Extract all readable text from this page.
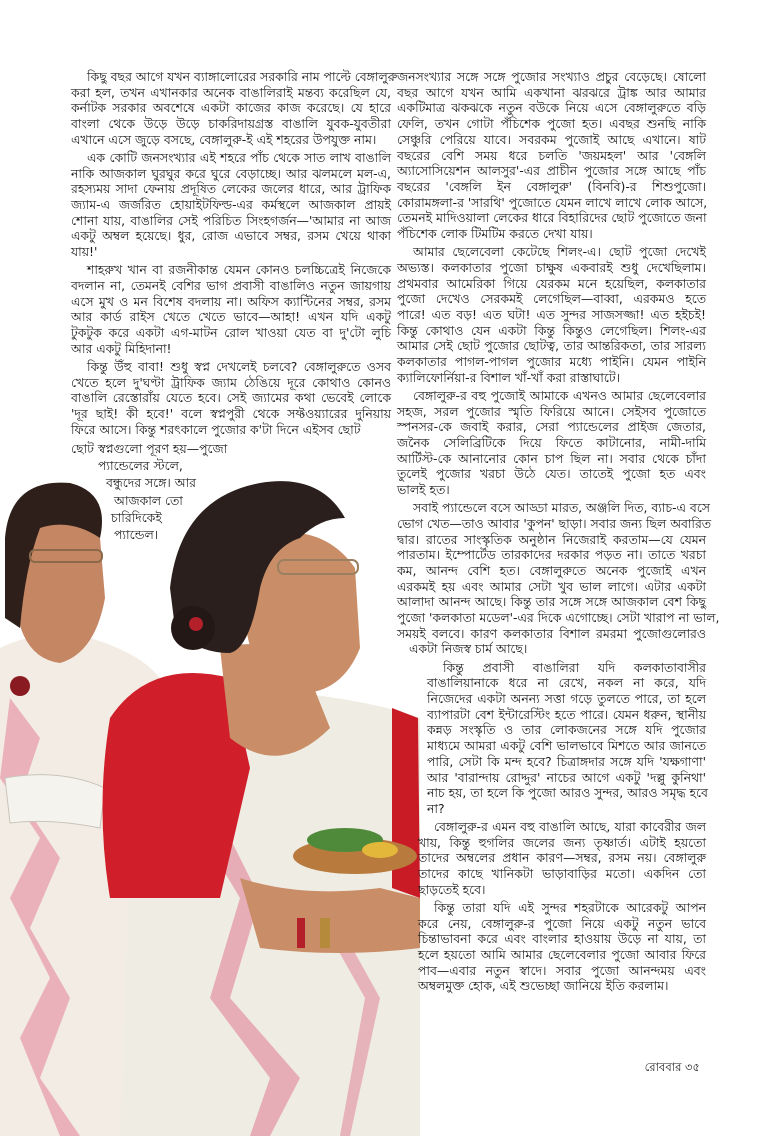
কিছু বছর আগে যখন ব্যাঙ্গালোরের সরকারি নাম পাল্টে বেঙ্গালুরু
করা হল, তখন এখানকার অনেক বাঙালিরাই মন্তব্য করেছিল যে,
কর্নাটক সরকার অবশেষে একটা কাজের কাজ করেছে। যে হারে
বাংলা থেকে উড়ে উড়ে চাকরিদায়গ্রস্ত বাঙালি যুবক-যুবতীরা
এখানে এসে জুড়ে বসছে, বেঙ্গালুরু-ই এই শহরের উপযুক্ত নাম।
এক কোটি জনসংখ্যার এই শহরে পাঁচ থেকে সাত লাখ বাঙালি
নাকি আজকাল ঘুরঘুর করে ঘুরে বেড়াচ্ছে। আর ঝলমলে মল-এ,
রহস্যময় সাদা ফেনায় প্রদূষিত লেকের জলের ধারে, আর ট্রাফিক
জ্যাম-এ জর্জরিত হোয়াইটফিল্ড-এর কর্মস্থলে আজকাল প্রায়ই
শোনা যায়, বাঙালির সেই পরিচিত সিংহগর্জন—'আমার না আজ
একটু অম্বল হয়েছে। ধুর, রোজ এভাবে সম্বর, রসম খেয়ে থাকা
যায়!'
শাহরুখ খান বা রজনীকান্ত যেমন কোনও চলচ্চিত্রেই নিজেকে
বদলান না, তেমনই বেশির ভাগ প্রবাসী বাঙালিও নতুন জায়গায়
এসে মুখ ও মন বিশেষ বদলায় না। অফিস ক্যান্টিনের সম্বর, রসম
আর কার্ড রাইস খেতে খেতে ভাবে—আহা! এখন যদি একটু
টুকটুক করে একটা এগ-মাটন রোল খাওয়া যেত বা দু'টো লুচি
আর একটু মিহিদানা!
কিন্তু উঁহু বাবা! শুধু স্বপ্ন দেখলেই চলবে? বেঙ্গালুরুতে ওসব
খেতে হলে দু'ঘণ্টা ট্রাফিক জ্যাম ঠেঙিয়ে দূরে কোথাও কোনও
বাঙালি রেস্তোরাঁয় যেতে হবে। সেই জ্যামের কথা ভেবেই লোকে
'দূর ছাই! কী হবে!' বলে স্বপ্নপুরী থেকে সফ্টওয়্যারের দুনিয়ায়
ফিরে আসে। কিন্তু শরৎকালে পুজোর ক'টা দিনে এইসব ছোট
ছোট স্বপ্নগুলো পূরণ হয়—পুজো
প্যান্ডেলের স্টলে,
বন্ধুদের সঙ্গে। আর
আজকাল তো
চারিদিকেই
প্যান্ডেল।
জনসংখ্যার সঙ্গে সঙ্গে পুজোর সংখ্যাও প্রচুর বেড়েছে। ষোলো
বছর আগে যখন আমি একখানা ঝরঝরে ট্রাঙ্ক আর আমার
একটিমাত্র ঝকঝকে নতুন বউকে নিয়ে এসে বেঙ্গালুরুতে বড়ি
ফেলি, তখন গোটা পঁচিশেক পুজো হত। এবছর শুনছি নাকি
সেঞ্চুরি পেরিয়ে যাবে। সবরকম পুজোই আছে এখানে। ষাট
বছরের বেশি সময় ধরে চলতি 'জয়মহল' আর 'বেঙ্গলি
অ্যাসোসিয়েশন আলসুর'-এর প্রাচীন পুজোর সঙ্গে আছে পাঁচ
বছরের 'বেঙ্গলি ইন বেঙ্গালুরু' (বিনবি)-র শিশুপুজো।
কোরামঙ্গলা-র 'সারথি' পুজোতে যেমন লাখে লাখে লোক আসে,
তেমনই মাদিওয়ালা লেকের ধারে বিহারিদের ছোট পুজোতে জনা
পঁচিশেক লোক টিমটিম করতে দেখা যায়।
আমার ছেলেবেলা কেটেছে শিলং-এ। ছোট পুজো দেখেই
অভ্যস্ত। কলকাতার পুজো চাক্ষুষ একবারই শুধু দেখেছিলাম।
প্রথমবার আমেরিকা গিয়ে যেরকম মনে হয়েছিল, কলকাতার
পুজো দেখেও সেরকমই লেগেছিল—বাব্বা, এরকমও হতে
পারে! এত বড়! এত ঘটা! এত সুন্দর সাজসজ্জা! এত হইচই!
কিন্তু কোথাও যেন একটা কিন্তু কিন্তুও লেগেছিল। শিলং-এর
আমার সেই ছোট পুজোর ছোটত্ব, তার আন্তরিকতা, তার সারল্য
কলকাতার পাগল-পাগল পুজোর মধ্যে পাইনি। যেমন পাইনি
ক্যালিফোর্নিয়া-র বিশাল খাঁ-খাঁ করা রাস্তাঘাটে।
বেঙ্গালুরু-র বহু পুজোই আমাকে এখনও আমার ছেলেবেলার
সহজ, সরল পুজোর স্মৃতি ফিরিয়ে আনে। সেইসব পুজোতে
স্পনসর-কে জবাই করার, সেরা প্যান্ডেলের প্রাইজ জেতার,
জনৈক সেলিব্রিটিকে দিয়ে ফিতে কাটানোর, নামী-দামি
আর্টিস্ট-কে আনানোর কোন চাপ ছিল না। সবার থেকে চাঁদা
তুলেই পুজোর খরচা উঠে যেত। তাতেই পুজো হত এবং
ভালই হত।
সবাই প্যান্ডেলে বসে আড্ডা মারত, অঞ্জলি দিত, ব্যাচ-এ বসে
ভোগ খেত—তাও আবার 'কুপন' ছাড়া। সবার জন্য ছিল অবারিত
দ্বার। রাতের সাংস্কৃতিক অনুষ্ঠান নিজেরাই করতাম—যে যেমন
পারতাম। ইম্পোর্টেড তারকাদের দরকার পড়ত না। তাতে খরচা
কম, আনন্দ বেশি হত। বেঙ্গালুরুতে অনেক পুজোই এখন
এরকমই হয় এবং আমার সেটা খুব ভাল লাগে। এটার একটা
আলাদা আনন্দ আছে। কিন্তু তার সঙ্গে সঙ্গে আজকাল বেশ কিছু
পুজো 'কলকাতা মডেল'-এর দিকে এগোচ্ছে। সেটা খারাপ না ভাল,
সময়ই বলবে। কারণ কলকাতার বিশাল রমরমা পুজোগুলোরও
একটা নিজস্ব চার্ম আছে।
কিন্তু প্রবাসী বাঙালিরা যদি কলকাতাবাসীর
বাঙালিয়ানাকে ধরে না রেখে, নকল না করে, যদি
নিজেদের একটা অনন্য সত্তা গড়ে তুলতে পারে, তা হলে
ব্যাপারটা বেশ ইন্টারেস্টিং হতে পারে। যেমন ধরুন, স্থানীয়
কন্নড় সংস্কৃতি ও তার লোকজনের সঙ্গে যদি পুজোর
মাধ্যমে আমরা একটু বেশি ভালভাবে মিশতে আর জানতে
পারি, সেটা কি মন্দ হবে? চিত্রাঙ্গদার সঙ্গে যদি 'যক্ষগাণা'
আর 'বারান্দায় রোদ্দুর' নাচের আগে একটু 'দল্লু কুনিথা'
নাচ হয়, তা হলে কি পুজো আরও সুন্দর, আরও সমৃদ্ধ হবে
না?
বেঙ্গালুরু-র এমন বহু বাঙালি আছে, যারা কাবেরীর জল
খায়, কিন্তু হুগলির জলের জন্য তৃষ্ণার্ত। এটাই হয়তো
তাদের অম্বলের প্রধান কারণ—সম্বর, রসম নয়। বেঙ্গালুরু
তাদের কাছে খানিকটা ভাড়াবাড়ির মতো। একদিন তো
ছাড়তেই হবে।
কিন্তু তারা যদি এই সুন্দর শহরটাকে আরেকটু আপন
করে নেয়, বেঙ্গালুরু-র পুজো নিয়ে একটু নতুন ভাবে
চিন্তাভাবনা করে এবং বাংলার হাওয়ায় উড়ে না যায়, তা
হলে হয়তো আমি আমার ছেলেবেলার পুজো আবার ফিরে
পাব—এবার নতুন স্বাদে। সবার পুজো আনন্দময় এবং
অম্বলমুক্ত হোক, এই শুভেচ্ছা জানিয়ে ইতি করলাম।
রোববার ৩৫
